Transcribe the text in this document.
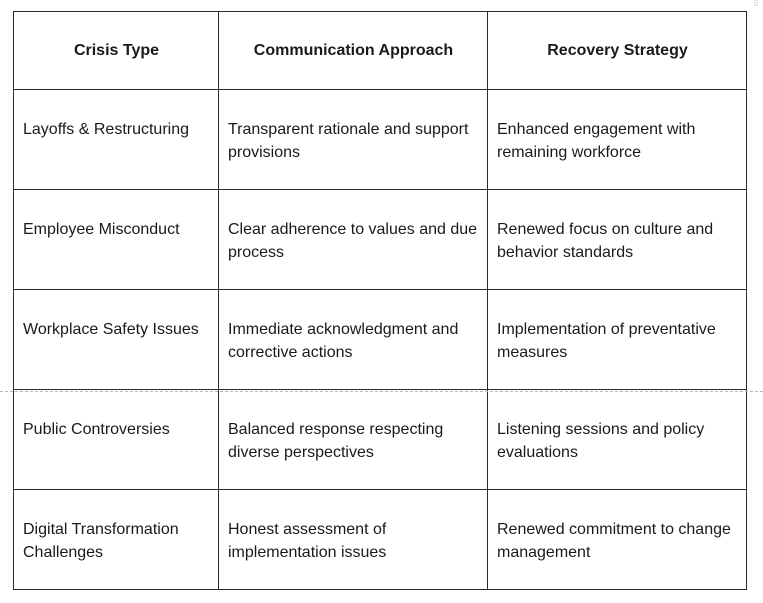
⠿
Crisis Type	Communication Approach	Recovery Strategy
Layoffs & Restructuring	Transparent rationale and support provisions	Enhanced engagement with remaining workforce
Employee Misconduct	Clear adherence to values and due process	Renewed focus on culture and behavior standards
Workplace Safety Issues	Immediate acknowledgment and corrective actions	Implementation of preventative measures
Public Controversies	Balanced response respecting diverse perspectives	Listening sessions and policy evaluations
Digital Transformation Challenges	Honest assessment of implementation issues	Renewed commitment to change management
